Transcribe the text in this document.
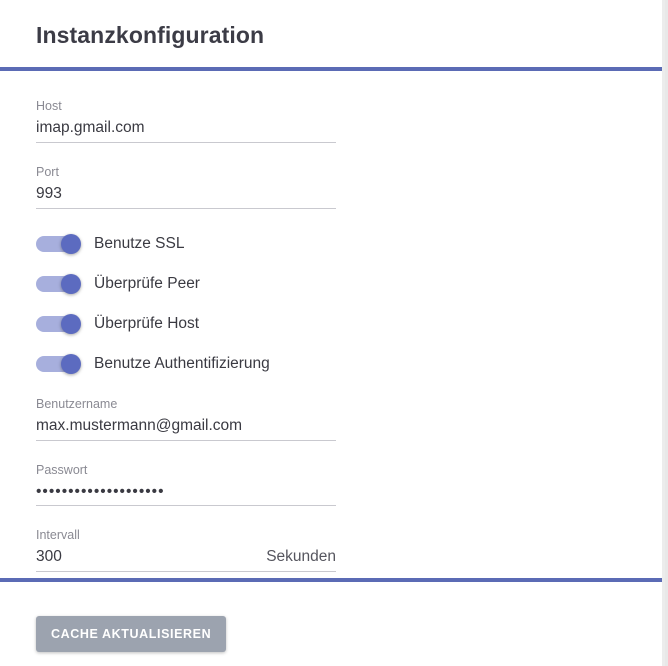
Instanzkonfiguration
Host
imap.gmail.com
Port
993
Benutze SSL
Überprüfe Peer
Überprüfe Host
Benutze Authentifizierung
Benutzername
max.mustermann@gmail.com
Passwort
••••••••••••••••••••
Intervall
300
Sekunden
CACHE AKTUALISIEREN
